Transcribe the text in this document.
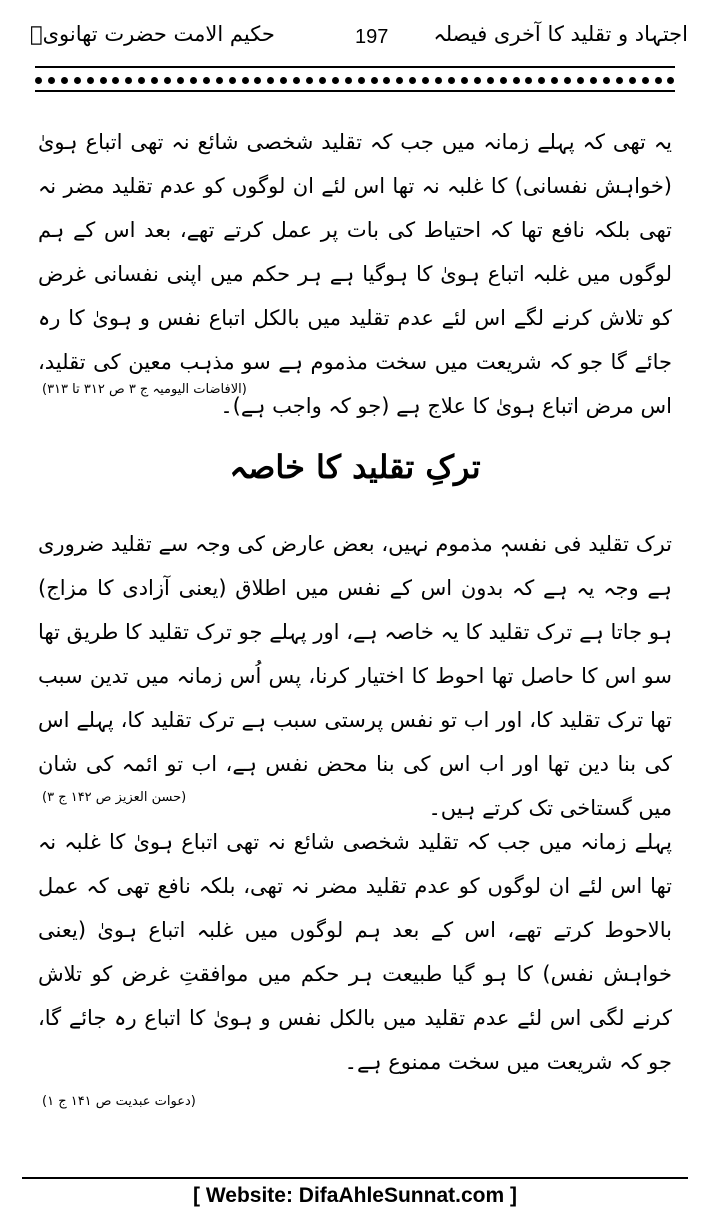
حکیم الامت حضرت تھانویؒ	197 اجتہاد و تقلید کا آخری فیصلہ
یہ تھی کہ پہلے زمانہ میں جب کہ تقلید شخصی شائع نہ تھی اتباع ہویٰ (خواہش نفسانی) کا غلبہ نہ تھا اس لئے ان لوگوں کو عدم تقلید مضر نہ تھی بلکہ نافع تھا کہ احتیاط کی بات پر عمل کرتے تھے، بعد اس کے ہم لوگوں میں غلبہ اتباع ہویٰ کا ہوگیا ہے ہر حکم میں اپنی نفسانی غرض کو تلاش کرنے لگے اس لئے عدم تقلید میں بالکل اتباع نفس و ہویٰ کا رہ جائے گا جو کہ شریعت میں سخت مذموم ہے سو مذہب معین کی تقلید، اس مرض اتباع ہویٰ کا علاج ہے (جو کہ واجب ہے)۔
(الافاضات الیومیہ ج ۳ ص ۳۱۲ تا ۳۱۳)
ترکِ تقلید کا خاصہ
ترک تقلید فی نفسہٖ مذموم نہیں، بعض عارض کی وجہ سے تقلید ضروری ہے وجہ یہ ہے کہ بدون اس کے نفس میں اطلاق (یعنی آزادی کا مزاج) ہو جاتا ہے ترک تقلید کا یہ خاصہ ہے، اور پہلے جو ترک تقلید کا طریق تھا سو اس کا حاصل تھا احوط کا اختیار کرنا، پس اُس زمانہ میں تدین سبب تھا ترک تقلید کا، اور اب تو نفس پرستی سبب ہے ترک تقلید کا، پہلے اس کی بنا دین تھا اور اب اس کی بنا محض نفس ہے، اب تو ائمہ کی شان میں گستاخی تک کرتے ہیں۔
(حسن العزیز ص ۱۴۲ ج ۳)
پہلے زمانہ میں جب کہ تقلید شخصی شائع نہ تھی اتباع ہویٰ کا غلبہ نہ تھا اس لئے ان لوگوں کو عدم تقلید مضر نہ تھی، بلکہ نافع تھی کہ عمل بالاحوط کرتے تھے، اس کے بعد ہم لوگوں میں غلبہ اتباع ہویٰ (یعنی خواہش نفس) کا ہو گیا طبیعت ہر حکم میں موافقتِ غرض کو تلاش کرنے لگی اس لئے عدم تقلید میں بالکل نفس و ہویٰ کا اتباع رہ جائے گا، جو کہ شریعت میں سخت ممنوع ہے۔
(دعوات عبدیت ص ۱۴۱ ج ۱)
[ Website: DifaAhleSunnat.com ]
